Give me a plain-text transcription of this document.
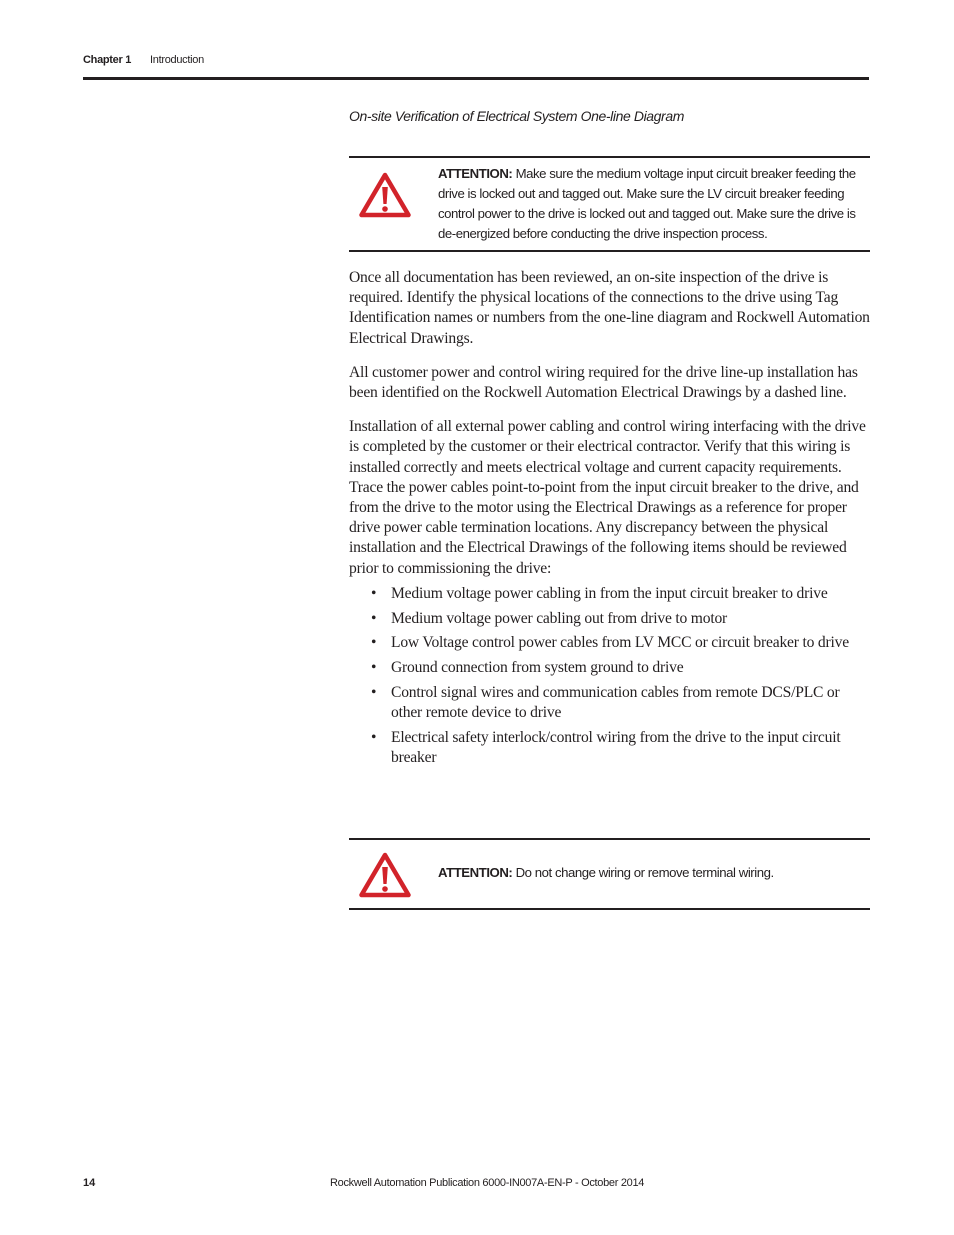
Chapter 1 Introduction
On-site Verification of Electrical System One-line Diagram
ATTENTION: Make sure the medium voltage input circuit breaker feeding the drive is locked out and tagged out. Make sure the LV circuit breaker feeding control power to the drive is locked out and tagged out. Make sure the drive is de-energized before conducting the drive inspection process.

Once all documentation has been reviewed, an on-site inspection of the drive is required. Identify the physical locations of the connections to the drive using Tag Identification names or numbers from the one-line diagram and Rockwell Automation Electrical Drawings.

All customer power and control wiring required for the drive line-up installation has been identified on the Rockwell Automation Electrical Drawings by a dashed line.

Installation of all external power cabling and control wiring interfacing with the drive is completed by the customer or their electrical contractor. Verify that this wiring is installed correctly and meets electrical voltage and current capacity requirements. Trace the power cables point-to-point from the input circuit breaker to the drive, and from the drive to the motor using the Electrical Drawings as a reference for proper drive power cable termination locations. Any discrepancy between the physical installation and the Electrical Drawings of the following items should be reviewed prior to commissioning the drive:

• Medium voltage power cabling in from the input circuit breaker to drive
• Medium voltage power cabling out from drive to motor
• Low Voltage control power cables from LV MCC or circuit breaker to drive
• Ground connection from system ground to drive
• Control signal wires and communication cables from remote DCS/PLC or other remote device to drive
• Electrical safety interlock/control wiring from the drive to the input circuit breaker
ATTENTION: Do not change wiring or remove terminal wiring.
14	Rockwell Automation Publication 6000-IN007A-EN-P - October 2014
